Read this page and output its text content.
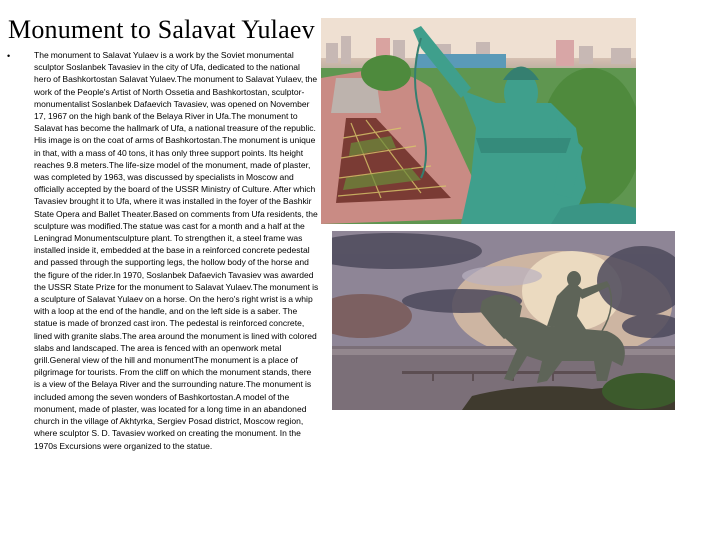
Monument to Salavat Yulaev
•	The monument to Salavat Yulaev is a work by the Soviet monumental sculptor Soslanbek Tavasiev in the city of Ufa, dedicated to the national hero of Bashkortostan Salavat Yulaev.The monument to Salavat Yulaev, the work of the People's Artist of North Ossetia and Bashkortostan, sculptor-monumentalist Soslanbek Dafaevich Tavasiev, was opened on November 17, 1967 on the high bank of the Belaya River in Ufa.The monument to Salavat has become the hallmark of Ufa, a national treasure of the republic. His image is on the coat of arms of Bashkortostan.The monument is unique in that, with a mass of 40 tons, it has only three support points. Its height reaches 9.8 meters.The life-size model of the monument, made of plaster, was completed by 1963, was discussed by specialists in Moscow and officially accepted by the board of the USSR Ministry of Culture. After which Tavasiev brought it to Ufa, where it was installed in the foyer of the Bashkir State Opera and Ballet Theater.Based on comments from Ufa residents, the sculpture was modified.The statue was cast for a month and a half at the Leningrad Monumentsculpture plant. To strengthen it, a steel frame was installed inside it, embedded at the base in a reinforced concrete pedestal and passed through the supporting legs, the hollow body of the horse and the figure of the rider.In 1970, Soslanbek Dafaevich Tavasiev was awarded the USSR State Prize for the monument to Salavat Yulaev.The monument is a sculpture of Salavat Yulaev on a horse. On the hero's right wrist is a whip with a loop at the end of the handle, and on the left side is a saber. The statue is made of bronzed cast iron. The pedestal is reinforced concrete, lined with granite slabs.The area around the monument is lined with colored slabs and landscaped. The area is fenced with an openwork metal grill.General view of the hill and monumentThe monument is a place of pilgrimage for tourists. From the cliff on which the monument stands, there is a view of the Belaya River and the surrounding nature.The monument is included among the seven wonders of Bashkortostan.A model of the monument, made of plaster, was located for a long time in an abandoned church in the village of Akhtyrka, Sergiev Posad district, Moscow region, where sculptor S. D. Tavasiev worked on creating the monument. In the 1970s Excursions were organized to the statue.
